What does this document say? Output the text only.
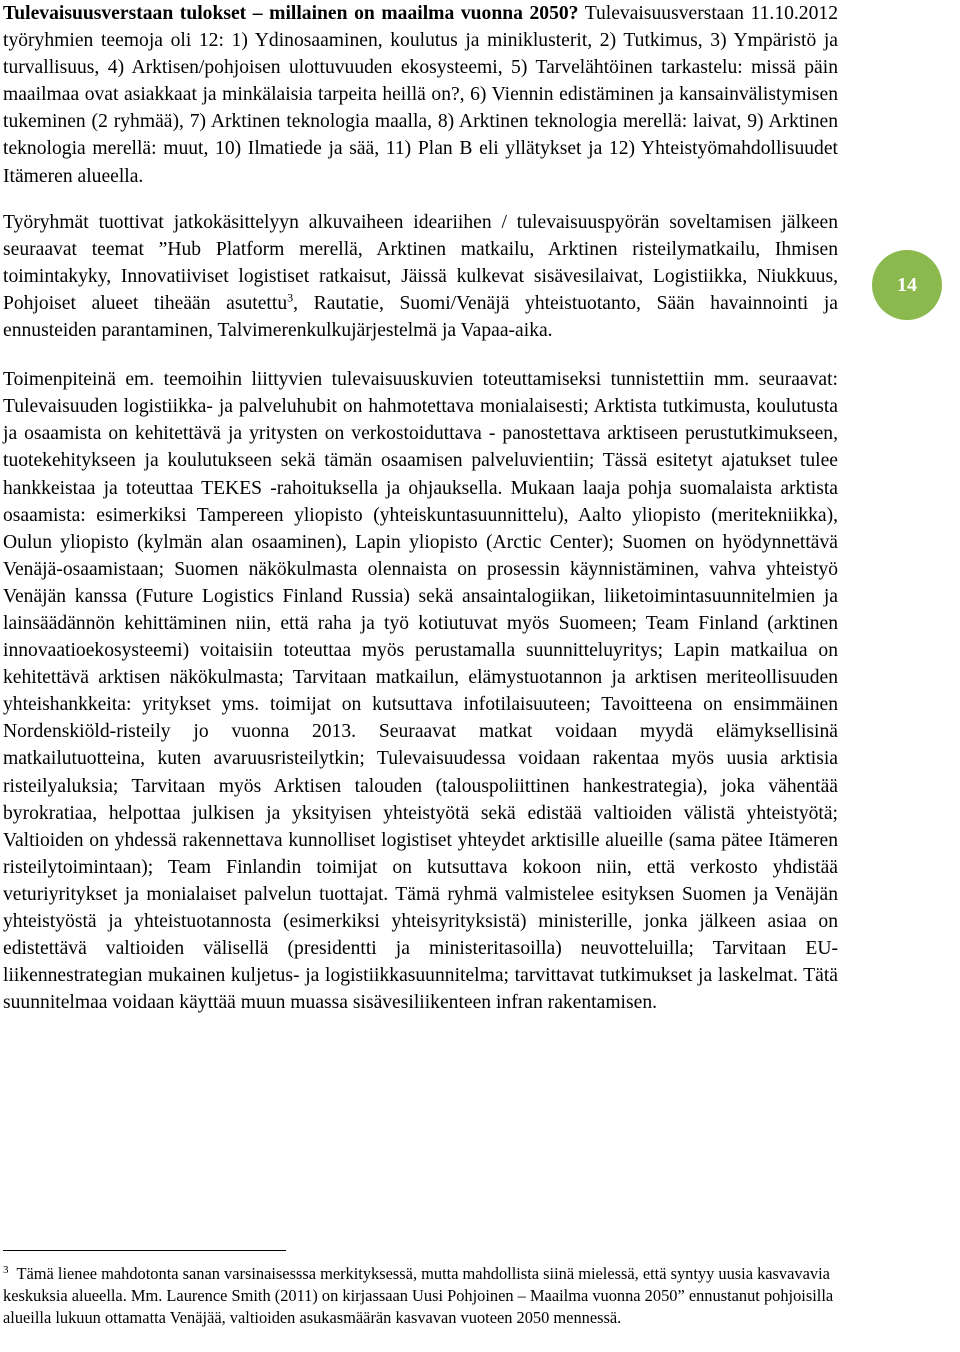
Tulevaisuusverstaan tulokset – millainen on maailma vuonna 2050? Tulevaisuusverstaan 11.10.2012 työryhmien teemoja oli 12: 1) Ydinosaaminen, koulutus ja miniklusterit, 2) Tutkimus, 3) Ympäristö ja turvallisuus, 4) Arktisen/pohjoisen ulottuvuuden ekosysteemi, 5) Tarvelähtöinen tarkastelu: missä päin maailmaa ovat asiakkaat ja minkälaisia tarpeita heillä on?, 6) Viennin edistäminen ja kansainvälistymisen tukeminen (2 ryhmää), 7) Arktinen teknologia maalla, 8) Arktinen teknologia merellä: laivat, 9) Arktinen teknologia merellä: muut, 10) Ilmatiede ja sää, 11) Plan B eli yllätykset ja 12) Yhteistyömahdollisuudet Itämeren alueella.

Työryhmät tuottivat jatkokäsittelyyn alkuvaiheen ideariihen / tulevaisuuspyörän soveltamisen jälkeen seuraavat teemat ”Hub Platform merellä, Arktinen matkailu, Arktinen risteilymatkailu, Ihmisen toimintakyky, Innovatiiviset logistiset ratkaisut, Jäissä kulkevat sisävesilaivat, Logistiikka, Niukkuus, Pohjoiset alueet tiheään asutettu$^3$, Rautatie, Suomi/Venäjä yhteistuotanto, Sään havainnointi ja ennusteiden parantaminen, Talvimerenkulkujärjestelmä ja Vapaa-aika.

Toimenpiteinä em. teemoihin liittyvien tulevaisuuskuvien toteuttamiseksi tunnistettiin mm. seuraavat: Tulevaisuuden logistiikka- ja palveluhubit on hahmotettava monialaisesti; Arktista tutkimusta, koulutusta ja osaamista on kehitettävä ja yritysten on verkostoiduttava - panostettava arktiseen perustutkimukseen, tuotekehitykseen ja koulutukseen sekä tämän osaamisen palveluvientiin; Tässä esitetyt ajatukset tulee hankkeistaa ja toteuttaa TEKES -rahoituksella ja ohjauksella. Mukaan laaja pohja suomalaista arktista osaamista: esimerkiksi Tampereen yliopisto (yhteiskuntasuunnittelu), Aalto yliopisto (meritekniikka), Oulun yliopisto (kylmän alan osaaminen), Lapin yliopisto (Arctic Center); Suomen on hyödynnettävä Venäjä-osaamistaan; Suomen näkökulmasta olennaista on prosessin käynnistäminen, vahva yhteistyö Venäjän kanssa (Future Logistics Finland Russia) sekä ansaintalogiikan, liiketoimintasuunnitelmien ja lainsäädännön kehittäminen niin, että raha ja työ kotiutuvat myös Suomeen; Team Finland (arktinen innovaatioekosysteemi) voitaisiin toteuttaa myös perustamalla suunnitteluyritys; Lapin matkailua on kehitettävä arktisen näkökulmasta; Tarvitaan matkailun, elämystuotannon ja arktisen meriteollisuuden yhteishankkeita: yritykset yms. toimijat on kutsuttava infotilaisuuteen; Tavoitteena on ensimmäinen Nordenskiöld-risteily jo vuonna 2013. Seuraavat matkat voidaan myydä elämyksellisinä matkailutuotteina, kuten avaruusristeilytkin; Tulevaisuudessa voidaan rakentaa myös uusia arktisia risteilyaluksia; Tarvitaan myös Arktisen talouden (talouspoliittinen hankestrategia), joka vähentää byrokratiaa, helpottaa julkisen ja yksityisen yhteistyötä sekä edistää valtioiden välistä yhteistyötä; Valtioiden on yhdessä rakennettava kunnolliset logistiset yhteydet arktisille alueille (sama pätee Itämeren risteilytoimintaan); Team Finlandin toimijat on kutsuttava kokoon niin, että verkosto yhdistää veturiyritykset ja monialaiset palvelun tuottajat. Tämä ryhmä valmistelee esityksen Suomen ja Venäjän yhteistyöstä ja yhteistuotannosta (esimerkiksi yhteisyrityksistä) ministerille, jonka jälkeen asiaa on edistettävä valtioiden välisellä (presidentti ja ministeritasoilla) neuvotteluilla; Tarvitaan EU-liikennestrategian mukainen kuljetus- ja logistiikkasuunnitelma; tarvittavat tutkimukset ja laskelmat. Tätä suunnitelmaa voidaan käyttää muun muassa sisävesiliikenteen infran rakentamisen.

14
$^3$ Tämä lienee mahdotonta sanan varsinaisesssa merkityksessä, mutta mahdollista siinä mielessä, että syntyy uusia kasvavavia keskuksia alueella. Mm. Laurence Smith (2011) on kirjassaan Uusi Pohjoinen – Maailma vuonna 2050” ennustanut pohjoisilla alueilla lukuun ottamatta Venäjää, valtioiden asukasmäärän kasvavan vuoteen 2050 mennessä.
